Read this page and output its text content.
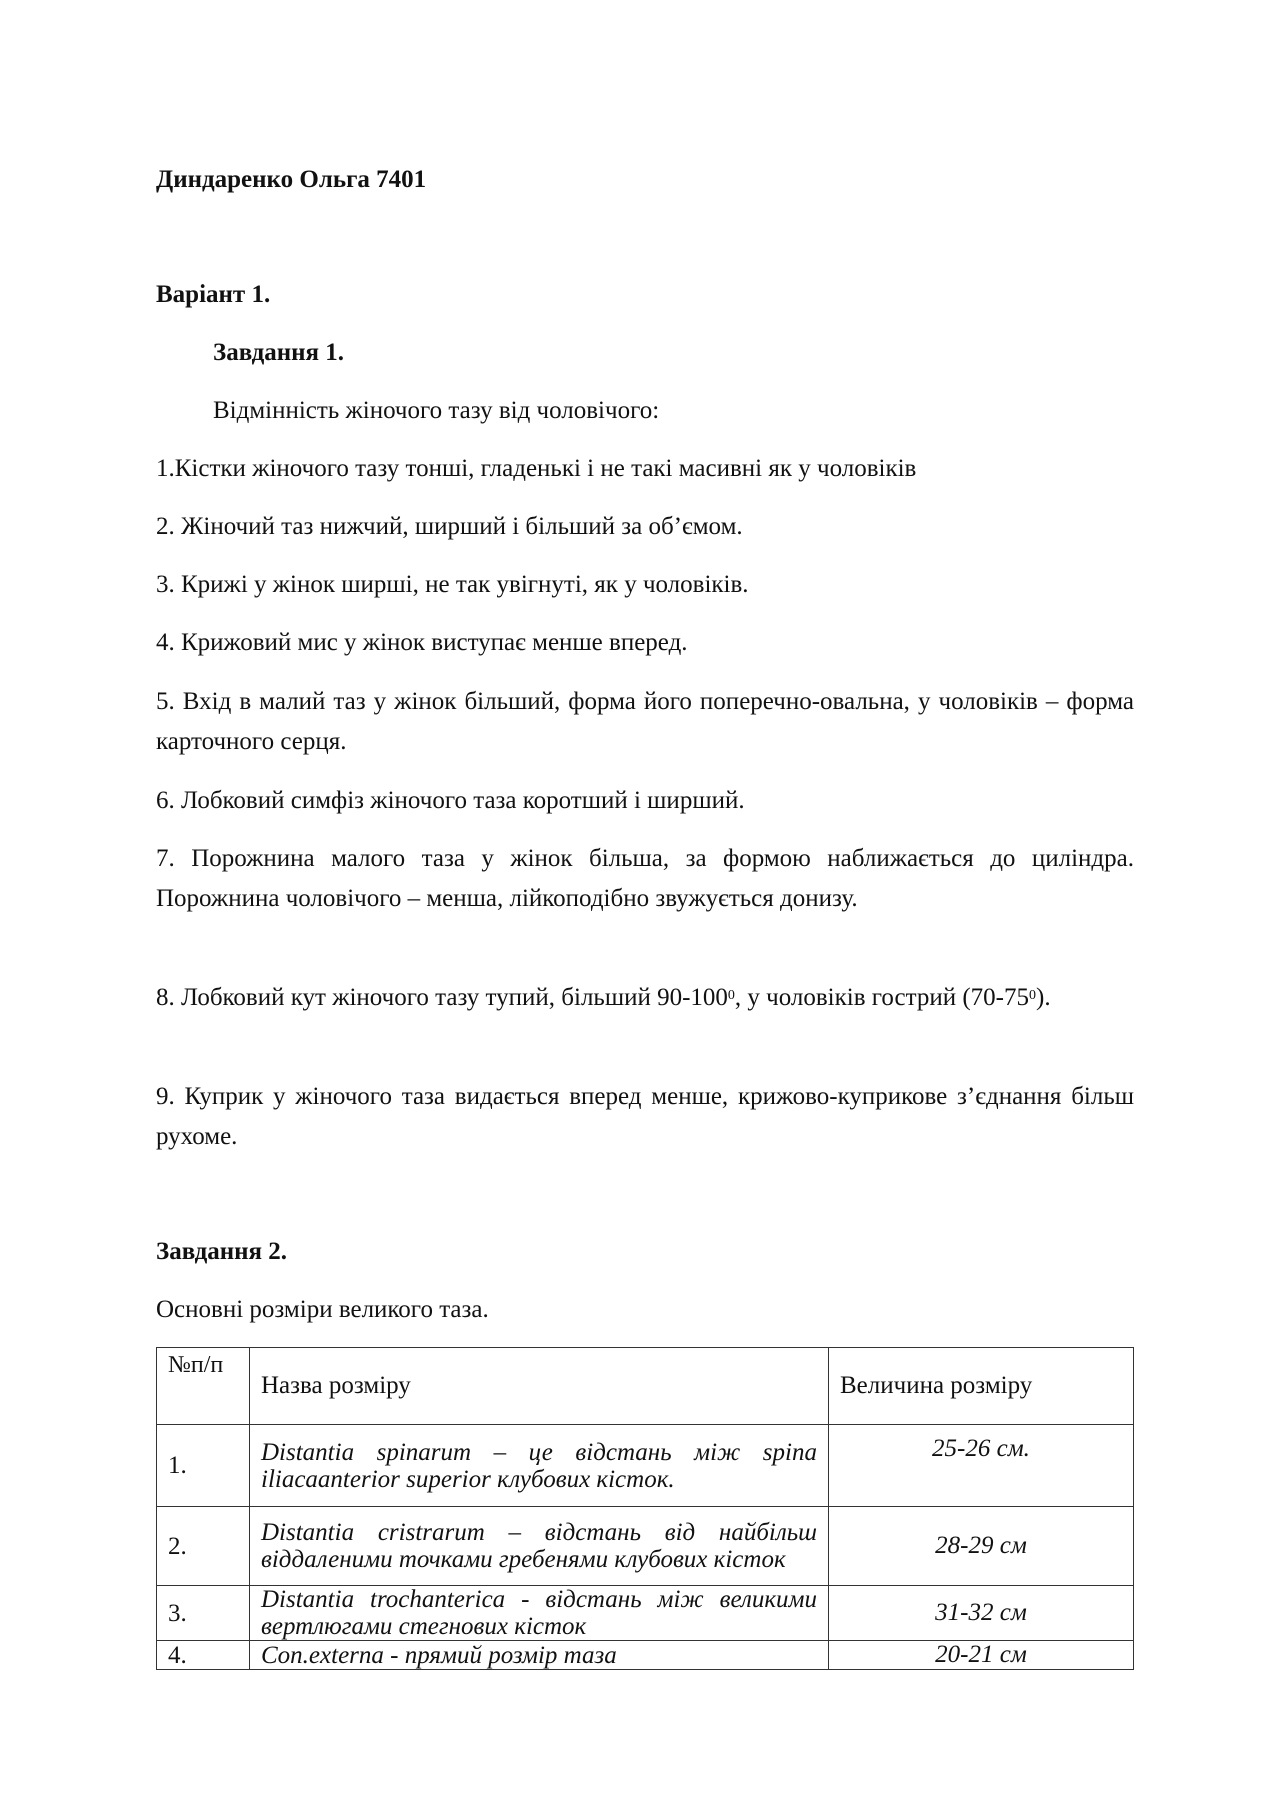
Диндаренко Ольга 7401

Варіант 1.

Завдання 1.

Відмінність жіночого тазу від чоловічого:

1.Кістки жіночого тазу тонші, гладенькі і не такі масивні як у чоловіків

2. Жіночий таз нижчий, ширший і більший за об’ємом.

3. Крижі у жінок ширші, не так увігнуті, як у чоловіків.

4. Крижовий мис у жінок виступає менше вперед.

5. Вхід в малий таз у жінок більший, форма його поперечно-овальна, у чоловіків – форма карточного серця.

6. Лобковий симфіз жіночого таза коротший і ширший.

7. Порожнина малого таза у жінок більша, за формою наближається до циліндра. Порожнина чоловічого – менша, лійкоподібно звужується донизу.

8. Лобковий кут жіночого тазу тупий, більший $90-100^0$, у чоловіків гострий $(70-75^0)$.

9. Куприк у жіночого таза видається вперед менше, крижово-куприкове з’єднання більш рухоме.

Завдання 2.

Основні розміри великого таза.

№п/п	Назва розміру	Величина розміру
1.	Distantia spinarum – це відстань між spina iliacaanterior superior клубових кісток.	25-26 см.
2.	Distantia cristrarum – відстань від найбільш віддаленими точками гребенями клубових кісток	28-29 см
3.	Distantia trochanterica - відстань між великими вертлюгами стегнових кісток	31-32 см
4.	Con.externa - прямий розмір таза	20-21 см
